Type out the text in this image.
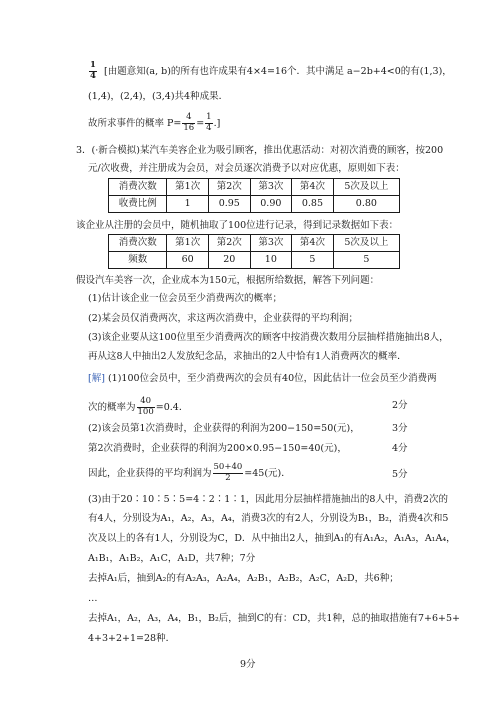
$\frac{1}{4}$ [由题意知(a, b)的所有也许成果有4×4=16个．其中满足 a−2b+4<0的有(1,3)，
(1,4)，(2,4)，(3,4)共4种成果．
故所求事件的概率 $P= \frac{4}{16} = \frac{1}{4}$ .]
3．(·新合模拟)某汽车美容企业为吸引顾客，推出优惠活动：对初次消费的顾客，按200
元/次收费，并注册成为会员，对会员逐次消费予以对应优惠，原则如下表：
消费次数	第1次	第2次	第3次	第4次	5次及以上
收费比例	1	0.95	0.90	0.85	0.80
该企业从注册的会员中，随机抽取了100位进行记录，得到记录数据如下表：
消费次数	第1次	第2次	第3次	第4次	5次及以上
频数	60	20	10	5	5
假设汽车美容一次，企业成本为150元，根据所给数据，解答下列问题：
(1)估计该企业一位会员至少消费两次的概率；
(2)某会员仅消费两次，求这两次消费中，企业获得的平均利润；
(3)该企业要从这100位里至少消费两次的顾客中按消费次数用分层抽样措施抽出8人，
再从这8人中抽出2人发放纪念品，求抽出的2人中恰有1人消费两次的概率．
[解] (1)100位会员中，至少消费两次的会员有40位，因此估计一位会员至少消费两
次的概率为 $\frac{40}{100} =0.4$．	2分
(2)该会员第1次消费时，企业获得的利润为200−150=50(元)，	3分
第2次消费时，企业获得的利润为200×0.95−150=40(元)，	4分
因此，企业获得的平均利润为 $\frac{50+40}{2} =45$(元)．	5分
(3)由于20∶10∶5∶5=4∶2∶1∶1，因此用分层抽样措施抽出的8人中，消费2次的
有4人，分别设为A₁，A₂，A₃，A₄，消费3次的有2人，分别设为B₁，B₂，消费4次和5
次及以上的各有1人，分别设为C，D．从中抽出2人，抽到A₁的有A₁A₂，A₁A₃，A₁A₄，
A₁B₁，A₁B₂，A₁C，A₁D，共7种；7分
去掉A₁后，抽到A₂的有A₂A₃，A₂A₄，A₂B₁，A₂B₂，A₂C，A₂D，共6种；
…
去掉A₁，A₂，A₃，A₄，B₁，B₂后，抽到C的有：CD，共1种，总的抽取措施有7+6+5+
4+3+2+1=28种．
9分
